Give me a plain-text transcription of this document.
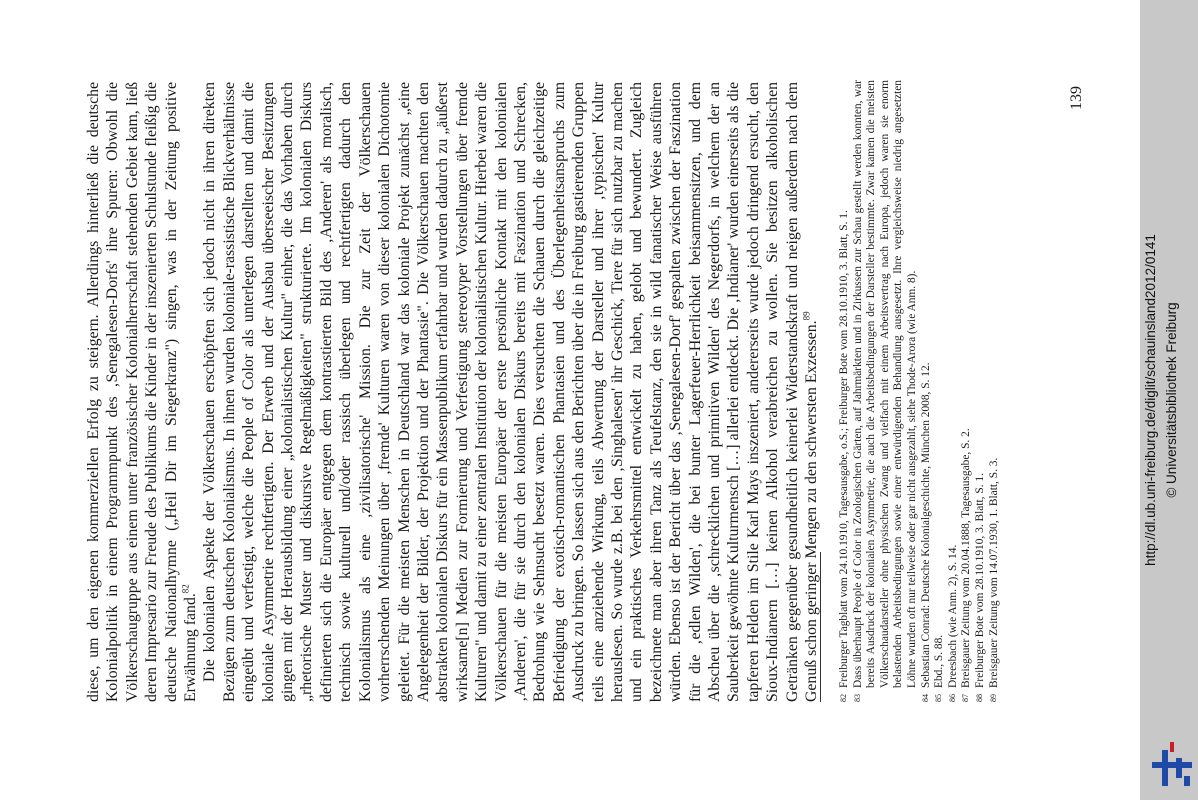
diese, um den eigenen kommerziellen Erfolg zu steigern. Allerdings hinterließ die deutsche Kolonialpolitik in einem Programmpunkt des ‚Senegalesen-Dorfs' ihre Spuren: Obwohl die Völkerschaugruppe aus einem unter französischer Kolonialherrschaft stehenden Gebiet kam, ließ deren Impresario zur Freude des Publikums die Kinder in der inszenierten Schulstunde fleißig die deutsche Nationalhymne („Heil Dir im Siegerkranz") singen, was in der Zeitung positive Erwähnung fand.$^{82}$ Die kolonialen Aspekte der Völkerschauen erschöpften sich jedoch nicht in ihren direkten Bezügen zum deutschen Kolonialismus. In ihnen wurden koloniale-rassistische Blickverhältnisse eingeübt und verfestigt, welche die People of Color als unterlegen darstellten und damit die koloniale Asymmetrie rechtfertigten. Der Erwerb und der Ausbau überseeischer Besitzungen gingen mit der Herausbildung einer „kolonialistischen Kultur" einher, die das Vorhaben durch „rhetorische Muster und diskursive Regelmäßigkeiten" strukturierte. Im kolonialen Diskurs definierten sich die Europäer entgegen dem kontrastierten Bild des ‚Anderen' als moralisch, technisch sowie kulturell und/oder rassisch überlegen und rechtfertigten dadurch den Kolonialismus als eine ‚zivilisatorische' Mission. Die zur Zeit der Völkerschauen vorherrschenden Meinungen über ‚fremde' Kulturen waren von dieser kolonialen Dichotomie geleitet. Für die meisten Menschen in Deutschland war das koloniale Projekt zunächst „eine Angelegenheit der Bilder, der Projektion und der Phantasie". Die Völkerschauen machten den abstrakten kolonialen Diskurs für ein Massenpublikum erfahrbar und wurden dadurch zu „äußerst wirksame[n] Medien zur Formierung und Verfestigung stereotyper Vorstellungen über fremde Kulturen" und damit zu einer zentralen Institution der kolonialistischen Kultur. Hierbei waren die Völkerschauen für die meisten Europäer der erste persönliche Kontakt mit den kolonialen ‚Anderen', die für sie durch den kolonialen Diskurs bereits mit Faszination und Schrecken, Bedrohung wie Sehnsucht besetzt waren. Dies versuchten die Schauen durch die gleichzeitige Befriedigung der exotisch-romantischen Phantasien und des Überlegenheitsanspruchs zum Ausdruck zu bringen. So lassen sich aus den Berichten über die in Freiburg gastierenden Gruppen teils eine anziehende Wirkung, teils Abwertung der Darsteller und ihrer ‚typischen' Kultur herauslesen. So wurde z.B. bei den ‚Singhalesen' ihr Geschick, Tiere für sich nutzbar zu machen und ein praktisches Verkehrsmittel entwickelt zu haben, gelobt und bewundert. Zugleich bezeichnete man aber ihren Tanz als Teufelstanz, den sie in wild fanatischer Weise ausführen würden. Ebenso ist der Bericht über das ‚Senegalesen-Dorf' gespalten zwischen der Faszination für die ‚edlen Wilden', die bei bunter Lagerfeuer-Herrlichkeit beisammensitzen, und dem Abscheu über die ‚schrecklichen und primitiven Wilden' des Negerdorfs, in welchem der an Sauberkeit gewöhnte Kulturmensch […] allerlei entdeckt. Die ‚Indianer' wurden einerseits als die tapferen Helden im Stile Karl Mays inszeniert, andererseits wurde jedoch dringend ersucht, den Sioux-Indianern […] keinen Alkohol verabreichen zu wollen. Sie besitzen alkoholischen Getränken gegenüber gesundheitlich keinerlei Widerstandskraft und neigen außerdem nach dem Genuß schon geringer Mengen zu den schwersten Exzessen.$^{89}$

82
Freiburger Tagblatt vom 24.10.1910, Tagesausgabe, o.S.; Freiburger Bote vom 28.10.1910, 3. Blatt, S. 1.
83
Dass überhaupt People of Color in Zoologischen Gärten, auf Jahrmärkten und in Zirkussen zur Schau gestellt werden konnten, war bereits Ausdruck der kolonialen Asymmetrie, die auch die Arbeitsbedingungen der Darsteller bestimmte. Zwar kamen die meisten Völkerschaudarsteller ohne physischen Zwang und vielfach mit einem Arbeitsvertrag nach Europa, jedoch waren sie enorm belastenden Arbeitsbedingungen sowie einer entwürdigenden Behandlung ausgesetzt. Ihre vergleichsweise niedrig angesetzten Löhne wurden oft nur teilweise oder gar nicht ausgezahlt, siehe Thode-Arora (wie Anm. 8).
84
Sebastian Conrad: Deutsche Kolonialgeschichte, München 2008, S. 12.
85
Ebd., S. 88.
86
Dreesbach (wie Anm. 2), S. 14.
87
Breisgauer Zeitung vom 20.04.1888, Tagesausgabe, S. 2.
88
Freiburger Bote vom 28.10.1910, 3. Blatt, S. 1.
89
Breisgauer Zeitung vom 14.07.1930, 1. Blatt, S. 3.
139
http://dl.ub.uni-freiburg.de/diglit/schauinsland2012/0141 © Universitätsbibliothek Freiburg
